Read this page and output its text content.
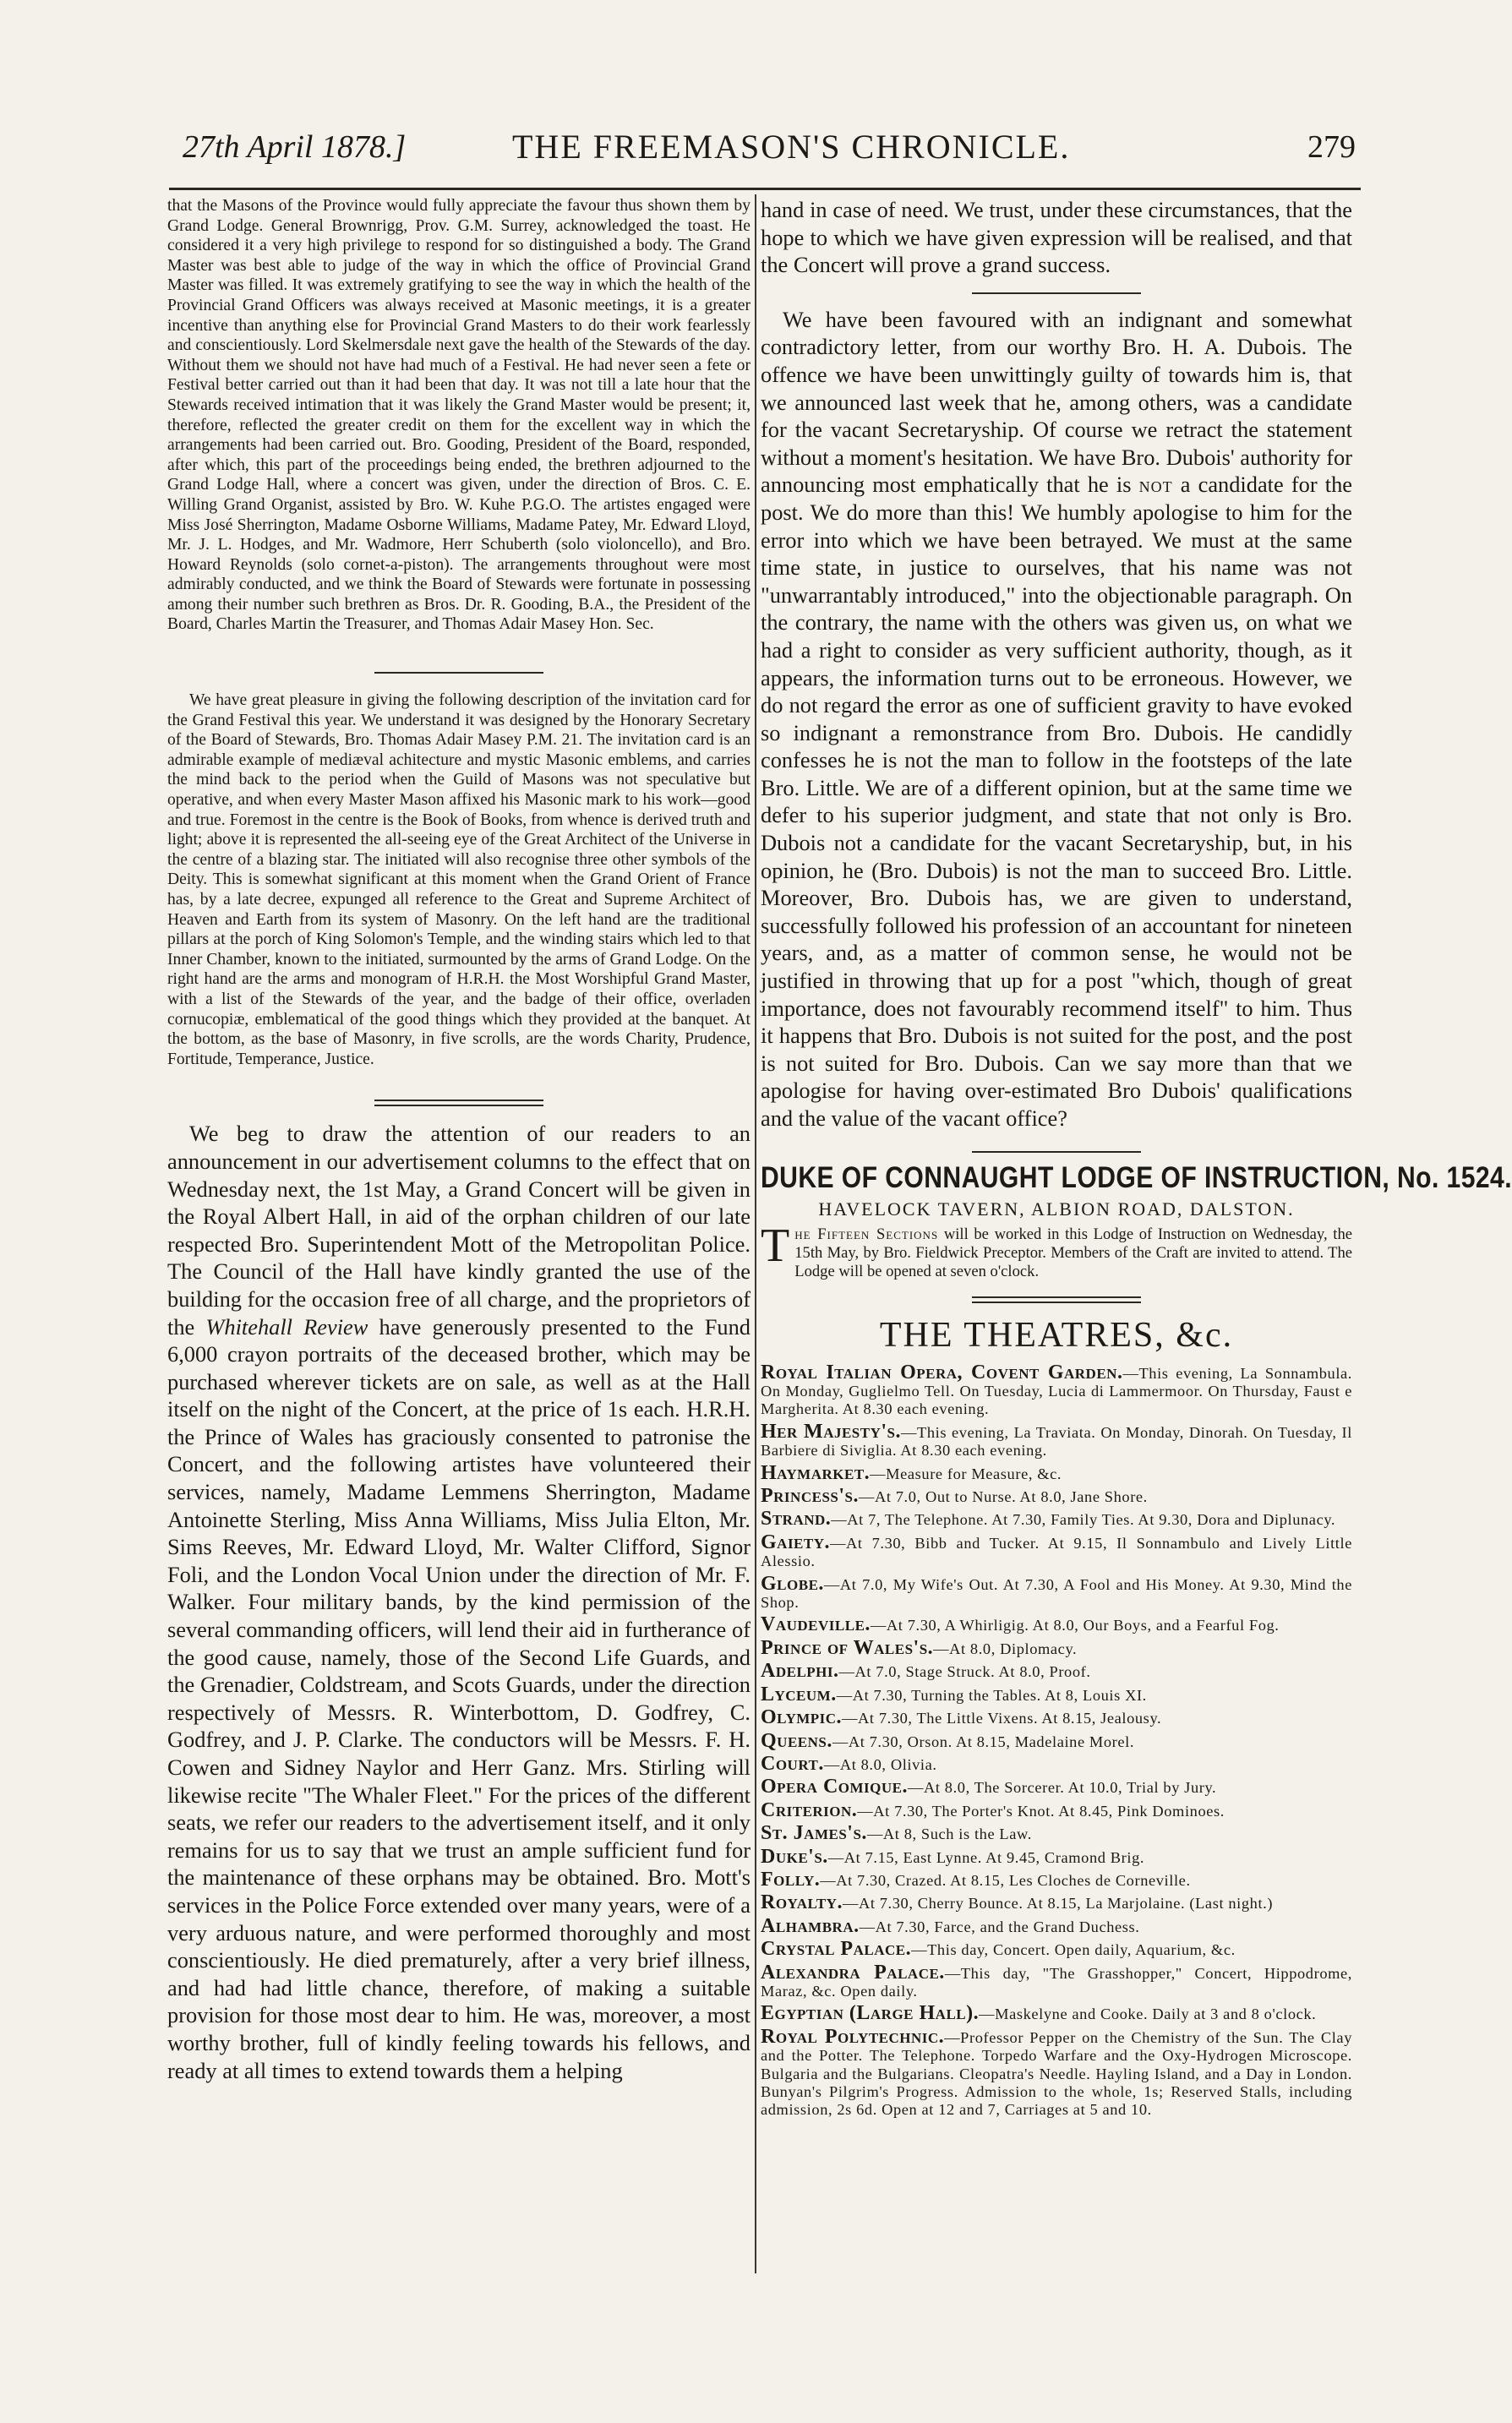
27th April 1878.]	THE FREEMASON'S CHRONICLE.	279

that the Masons of the Province would fully appreciate the favour thus shown them by Grand Lodge. General Brownrigg, Prov. G.M. Surrey, acknowledged the toast. He considered it a very high privilege to respond for so distinguished a body. The Grand Master was best able to judge of the way in which the office of Provincial Grand Master was filled. It was extremely gratifying to see the way in which the health of the Provincial Grand Officers was always received at Masonic meetings, it is a greater incentive than anything else for Provincial Grand Masters to do their work fearlessly and conscientiously. Lord Skelmersdale next gave the health of the Stewards of the day. Without them we should not have had much of a Festival. He had never seen a fete or Festival better carried out than it had been that day. It was not till a late hour that the Stewards received intimation that it was likely the Grand Master would be present; it, therefore, reflected the greater credit on them for the excellent way in which the arrangements had been carried out. Bro. Gooding, President of the Board, responded, after which, this part of the proceedings being ended, the brethren adjourned to the Grand Lodge Hall, where a concert was given, under the direction of Bros. C. E. Willing Grand Organist, assisted by Bro. W. Kuhe P.G.O. The artistes engaged were Miss José Sherrington, Madame Osborne Williams, Madame Patey, Mr. Edward Lloyd, Mr. J. L. Hodges, and Mr. Wadmore, Herr Schuberth (solo violoncello), and Bro. Howard Reynolds (solo cornet-a-piston). The arrangements throughout were most admirably conducted, and we think the Board of Stewards were fortunate in possessing among their number such brethren as Bros. Dr. R. Gooding, B.A., the President of the Board, Charles Martin the Treasurer, and Thomas Adair Masey Hon. Sec.

We have great pleasure in giving the following description of the invitation card for the Grand Festival this year. We understand it was designed by the Honorary Secretary of the Board of Stewards, Bro. Thomas Adair Masey P.M. 21. The invitation card is an admirable example of mediæval achitecture and mystic Masonic emblems, and carries the mind back to the period when the Guild of Masons was not speculative but operative, and when every Master Mason affixed his Masonic mark to his work—good and true. Foremost in the centre is the Book of Books, from whence is derived truth and light; above it is represented the all-seeing eye of the Great Architect of the Universe in the centre of a blazing star. The initiated will also recognise three other symbols of the Deity. This is somewhat significant at this moment when the Grand Orient of France has, by a late decree, expunged all reference to the Great and Supreme Architect of Heaven and Earth from its system of Masonry. On the left hand are the traditional pillars at the porch of King Solomon's Temple, and the winding stairs which led to that Inner Chamber, known to the initiated, surmounted by the arms of Grand Lodge. On the right hand are the arms and monogram of H.R.H. the Most Worshipful Grand Master, with a list of the Stewards of the year, and the badge of their office, overladen cornucopiæ, emblematical of the good things which they provided at the banquet. At the bottom, as the base of Masonry, in five scrolls, are the words Charity, Prudence, Fortitude, Temperance, Justice.

We beg to draw the attention of our readers to an announcement in our advertisement columns to the effect that on Wednesday next, the 1st May, a Grand Concert will be given in the Royal Albert Hall, in aid of the orphan children of our late respected Bro. Superintendent Mott of the Metropolitan Police. The Council of the Hall have kindly granted the use of the building for the occasion free of all charge, and the proprietors of the Whitehall Review have generously presented to the Fund 6,000 crayon portraits of the deceased brother, which may be purchased wherever tickets are on sale, as well as at the Hall itself on the night of the Concert, at the price of 1s each. H.R.H. the Prince of Wales has graciously consented to patronise the Concert, and the following artistes have volunteered their services, namely, Madame Lemmens Sherrington, Madame Antoinette Sterling, Miss Anna Williams, Miss Julia Elton, Mr. Sims Reeves, Mr. Edward Lloyd, Mr. Walter Clifford, Signor Foli, and the London Vocal Union under the direction of Mr. F. Walker. Four military bands, by the kind permission of the several commanding officers, will lend their aid in furtherance of the good cause, namely, those of the Second Life Guards, and the Grenadier, Coldstream, and Scots Guards, under the direction respectively of Messrs. R. Winterbottom, D. Godfrey, C. Godfrey, and J. P. Clarke. The conductors will be Messrs. F. H. Cowen and Sidney Naylor and Herr Ganz. Mrs. Stirling will likewise recite "The Whaler Fleet." For the prices of the different seats, we refer our readers to the advertisement itself, and it only remains for us to say that we trust an ample sufficient fund for the maintenance of these orphans may be obtained. Bro. Mott's services in the Police Force extended over many years, were of a very arduous nature, and were performed thoroughly and most conscientiously. He died prematurely, after a very brief illness, and had had little chance, therefore, of making a suitable provision for those most dear to him. He was, moreover, a most worthy brother, full of kindly feeling towards his fellows, and ready at all times to extend towards them a helping

hand in case of need. We trust, under these circumstances, that the hope to which we have given expression will be realised, and that the Concert will prove a grand success.

We have been favoured with an indignant and somewhat contradictory letter, from our worthy Bro. H. A. Dubois. The offence we have been unwittingly guilty of towards him is, that we announced last week that he, among others, was a candidate for the vacant Secretaryship. Of course we retract the statement without a moment's hesitation. We have Bro. Dubois' authority for announcing most emphatically that he is not a candidate for the post. We do more than this! We humbly apologise to him for the error into which we have been betrayed. We must at the same time state, in justice to ourselves, that his name was not "unwarrantably introduced," into the objectionable paragraph. On the contrary, the name with the others was given us, on what we had a right to consider as very sufficient authority, though, as it appears, the information turns out to be erroneous. However, we do not regard the error as one of sufficient gravity to have evoked so indignant a remonstrance from Bro. Dubois. He candidly confesses he is not the man to follow in the footsteps of the late Bro. Little. We are of a different opinion, but at the same time we defer to his superior judgment, and state that not only is Bro. Dubois not a candidate for the vacant Secretaryship, but, in his opinion, he (Bro. Dubois) is not the man to succeed Bro. Little. Moreover, Bro. Dubois has, we are given to understand, successfully followed his profession of an accountant for nineteen years, and, as a matter of common sense, he would not be justified in throwing that up for a post "which, though of great importance, does not favourably recommend itself" to him. Thus it happens that Bro. Dubois is not suited for the post, and the post is not suited for Bro. Dubois. Can we say more than that we apologise for having over-estimated Bro Dubois' qualifications and the value of the vacant office?

DUKE OF CONNAUGHT LODGE OF INSTRUCTION, No. 1524.
HAVELOCK TAVERN, ALBION ROAD, DALSTON.

The Fifteen Sections will be worked in this Lodge of Instruction on Wednesday, the 15th May, by Bro. Fieldwick Preceptor. Members of the Craft are invited to attend. The Lodge will be opened at seven o'clock.

THE THEATRES, &c.

Royal Italian Opera, Covent Garden.—This evening, La Sonnambula. On Monday, Guglielmo Tell. On Tuesday, Lucia di Lammermoor. On Thursday, Faust e Margherita. At 8.30 each evening.

Her Majesty's.—This evening, La Traviata. On Monday, Dinorah. On Tuesday, Il Barbiere di Siviglia. At 8.30 each evening.

Haymarket.—Measure for Measure, &c.

Princess's.—At 7.0, Out to Nurse. At 8.0, Jane Shore.

Strand.—At 7, The Telephone. At 7.30, Family Ties. At 9.30, Dora and Diplunacy.

Gaiety.—At 7.30, Bibb and Tucker. At 9.15, Il Sonnambulo and Lively Little Alessio.

Globe.—At 7.0, My Wife's Out. At 7.30, A Fool and His Money. At 9.30, Mind the Shop.

Vaudeville.—At 7.30, A Whirligig. At 8.0, Our Boys, and a Fearful Fog.

Prince of Wales's.—At 8.0, Diplomacy.

Adelphi.—At 7.0, Stage Struck. At 8.0, Proof.

Lyceum.—At 7.30, Turning the Tables. At 8, Louis XI.

Olympic.—At 7.30, The Little Vixens. At 8.15, Jealousy.

Queens.—At 7.30, Orson. At 8.15, Madelaine Morel.

Court.—At 8.0, Olivia.

Opera Comique.—At 8.0, The Sorcerer. At 10.0, Trial by Jury.

Criterion.—At 7.30, The Porter's Knot. At 8.45, Pink Dominoes.

St. James's.—At 8, Such is the Law.

Duke's.—At 7.15, East Lynne. At 9.45, Cramond Brig.

Folly.—At 7.30, Crazed. At 8.15, Les Cloches de Corneville.

Royalty.—At 7.30, Cherry Bounce. At 8.15, La Marjolaine. (Last night.)

Alhambra.—At 7.30, Farce, and the Grand Duchess.

Crystal Palace.—This day, Concert. Open daily, Aquarium, &c.

Alexandra Palace.—This day, "The Grasshopper," Concert, Hippodrome, Maraz, &c. Open daily.

Egyptian (Large Hall).—Maskelyne and Cooke. Daily at 3 and 8 o'clock.

Royal Polytechnic.—Professor Pepper on the Chemistry of the Sun. The Clay and the Potter. The Telephone. Torpedo Warfare and the Oxy-Hydrogen Microscope. Bulgaria and the Bulgarians. Cleopatra's Needle. Hayling Island, and a Day in London. Bunyan's Pilgrim's Progress. Admission to the whole, 1s; Reserved Stalls, including admission, 2s 6d. Open at 12 and 7, Carriages at 5 and 10.
